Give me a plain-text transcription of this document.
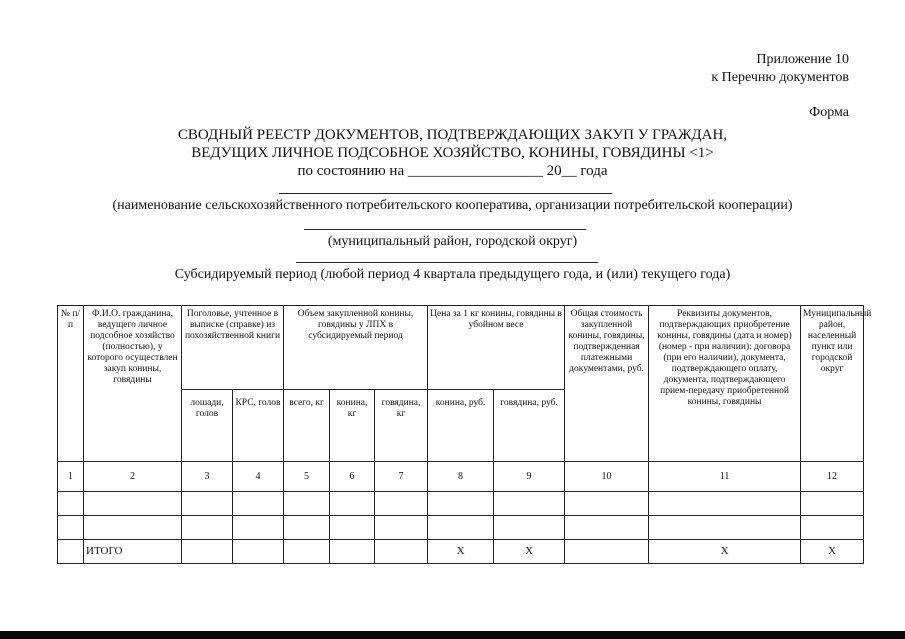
Приложение 10
к Перечню документов
Форма
СВОДНЫЙ РЕЕСТР ДОКУМЕНТОВ, ПОДТВЕРЖДАЮЩИХ ЗАКУП У ГРАЖДАН,
ВЕДУЩИХ ЛИЧНОЕ ПОДСОБНОЕ ХОЗЯЙСТВО, КОНИНЫ, ГОВЯДИНЫ <1>
по состоянию на __________________ 20__ года
(наименование сельскохозяйственного потребительского кооператива, организации потребительской кооперации)
(муниципальный район, городской округ)
Субсидируемый период (любой период 4 квартала предыдущего года, и (или) текущего года)
№ п/п	Ф.И.О. гражданина, ведущего личное подсобное хозяйство (полностью), у которого осуществлен закуп конины, говядины	Поголовье, учтенное в выписке (справке) из похозяйственной книги		Объем закупленной конины, говядины у ЛПХ в субсидируемый период			Цена за 1 кг конины, говядины в убойном весе		Общая стоимость закупленной конины, говядины, подтвержденная платежными документами, руб.	Реквизиты документов, подтверждающих приобретение конины, говядины (дата и номер) (номер - при наличии): договора (при его наличии), документа, подтверждающего оплату, документа, подтверждающего прием-передачу приобретенной конины, говядины	Муниципальный район, населенный пункт или городской округ
		лошади, голов	КРС, голов	всего, кг	конина, кг	говядина, кг	конина, руб.	говядина, руб.			
1	2	3	4	5	6	7	8	9	10	11	12

	ИТОГО						Х	Х		Х	Х
